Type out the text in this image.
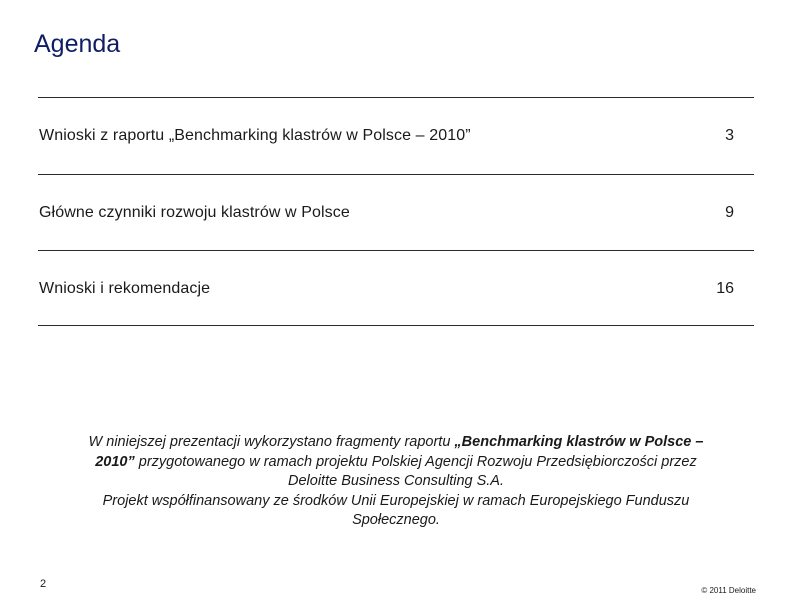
Agenda
Wnioski z raportu „Benchmarking klastrów w Polsce – 2010”	3
Główne czynniki rozwoju klastrów w Polsce	9
Wnioski i rekomendacje	16
W niniejszej prezentacji wykorzystano fragmenty raportu „Benchmarking klastrów w Polsce –
2010” przygotowanego w ramach projektu Polskiej Agencji Rozwoju Przedsiębiorczości przez
Deloitte Business Consulting S.A.
Projekt współfinansowany ze środków Unii Europejskiej w ramach Europejskiego Funduszu
Społecznego.
2
© 2011 Deloitte
